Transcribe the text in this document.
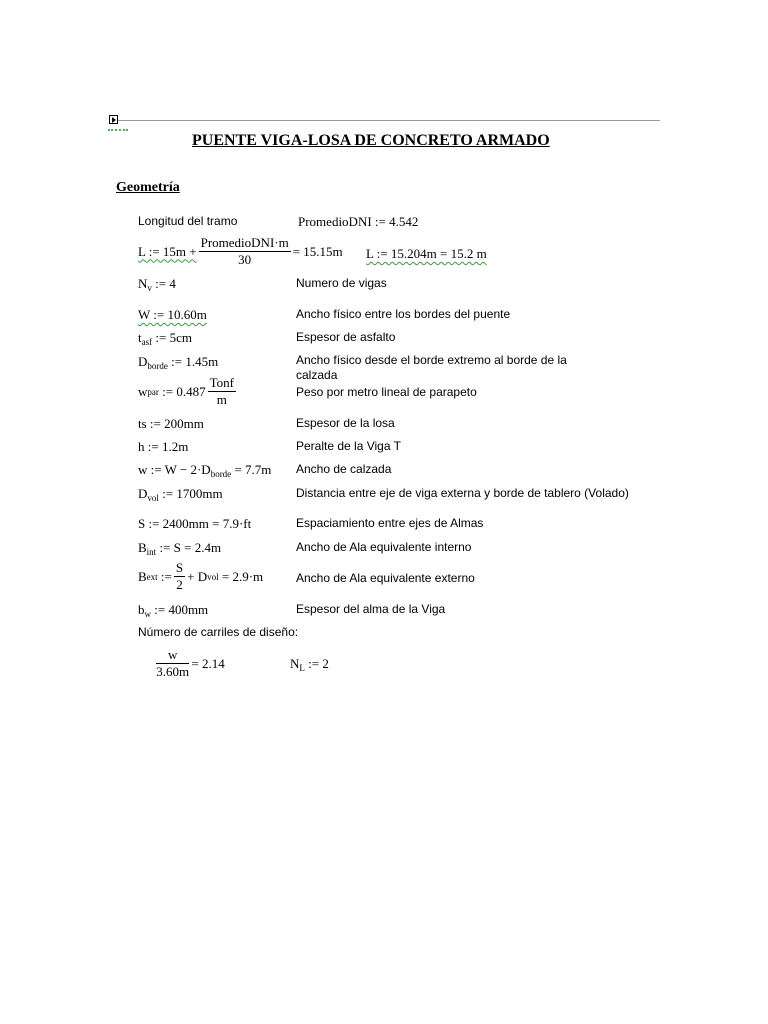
PUENTE VIGA-LOSA DE CONCRETO ARMADO
Geometría
Longitud del tramo	PromedioDNI := 4.542
L := $15m + \frac{\text{PromedioDNI·m}}{30} = 15.15m$ L := 15.204m = 15.2 m
$N_v$ := 4	Numero de vigas
W := 10.60m	Ancho físico entre los bordes del puente
$t_{asf}$ := 5cm	Espesor de asfalto
$D_{borde}$ := 1.45m	Ancho físico desde el borde extremo al borde de la calzada
w par := $0.487 \frac{\text{Tonf}}{m}$	Peso por metro lineal de parapeto
ts := 200mm	Espesor de la losa
h := 1.2m	Peralte de la Viga T
w := $W - 2\cdot D_{borde} = 7.7m$ Ancho de calzada
$D_{vol}$ := 1700mm	Distancia entre eje de viga externa y borde de tablero (Volado)
S := 2400mm = 7.9·ft	Espaciamiento entre ejes de Almas
$B_{int}$ := S = 2.4m	Ancho de Ala equivalente interno
B ext := $\frac{S}{2} + D$ vol = 2.9·m	Ancho de Ala equivalente externo
$b_w$ := 400mm	Espesor del alma de la Viga
Número de carriles de diseño:
$\frac{w}{3.60m} = 2.14$	$N_L$ := 2
